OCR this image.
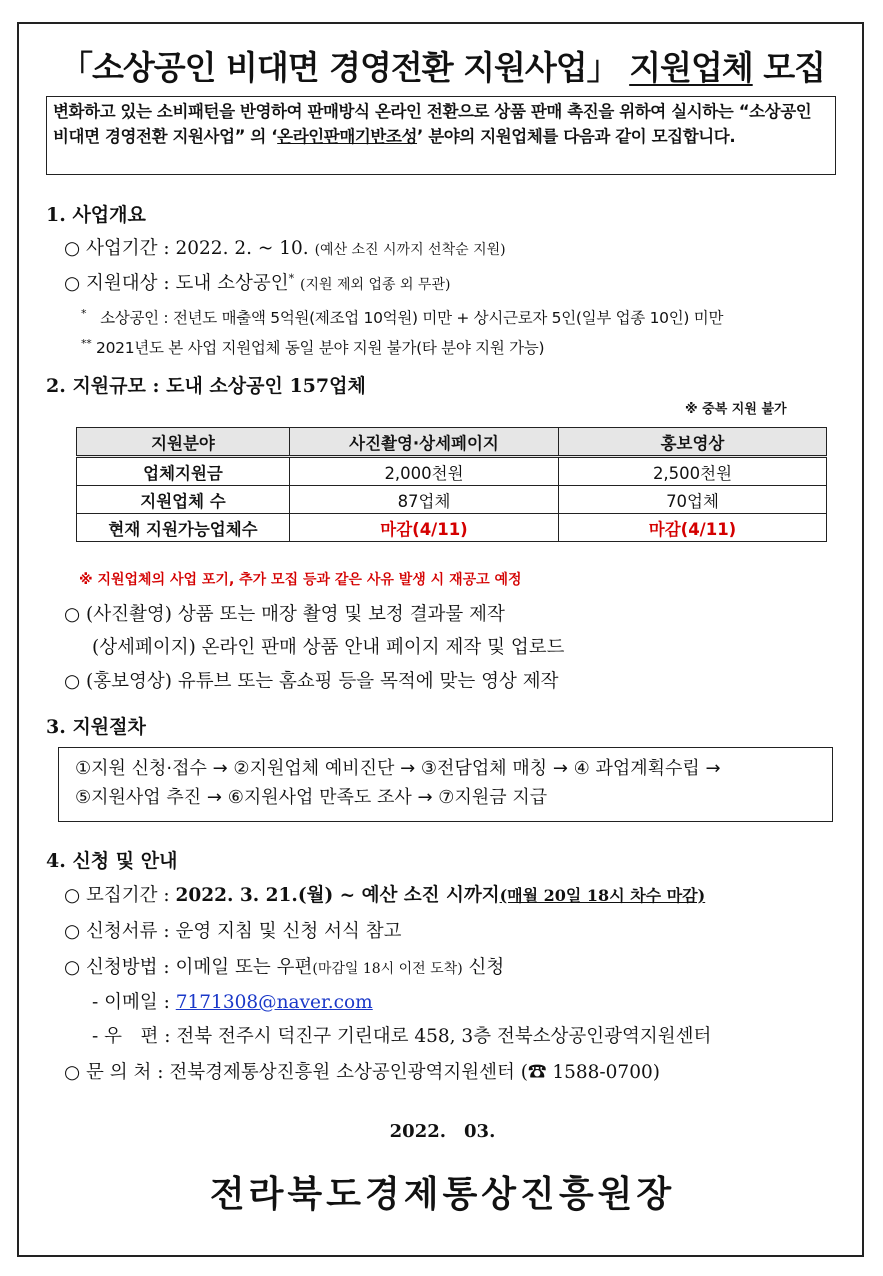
「소상공인 비대면 경영전환 지원사업」 지원업체 모집
변화하고 있는 소비패턴을 반영하여 판매방식 온라인 전환으로 상품 판매 촉진을 위하여 실시하는 “소상공인 비대면 경영전환 지원사업” 의 ‘온라인판매기반조성’ 분야의 지원업체를 다음과 같이 모집합니다.
1. 사업개요
○ 사업기간 : 2022. 2. ~ 10. (예산 소진 시까지 선착순 지원)
○ 지원대상 : 도내 소상공인* (지원 제외 업종 외 무관)
* 소상공인 : 전년도 매출액 5억원(제조업 10억원) 미만 + 상시근로자 5인(일부 업종 10인) 미만
** 2021년도 본 사업 지원업체 동일 분야 지원 불가(타 분야 지원 가능)
2. 지원규모 : 도내 소상공인 157업체
※ 중복 지원 불가
지원분야	사진촬영·상세페이지	홍보영상
업체지원금	2,000천원	2,500천원
지원업체 수	87업체	70업체
현재 지원가능업체수	마감(4/11)	마감(4/11)
※ 지원업체의 사업 포기, 추가 모집 등과 같은 사유 발생 시 재공고 예정
○ (사진촬영) 상품 또는 매장 촬영 및 보정 결과물 제작
(상세페이지) 온라인 판매 상품 안내 페이지 제작 및 업로드
○ (홍보영상) 유튜브 또는 홈쇼핑 등을 목적에 맞는 영상 제작
3. 지원절차
①지원 신청·접수 → ②지원업체 예비진단 → ③전담업체 매칭 → ④ 과업계획수립 →
⑤지원사업 추진 → ⑥지원사업 만족도 조사 → ⑦지원금 지급
4. 신청 및 안내
○ 모집기간 : 2022. 3. 21.(월) ~ 예산 소진 시까지(매월 20일 18시 차수 마감)
○ 신청서류 : 운영 지침 및 신청 서식 참고
○ 신청방법 : 이메일 또는 우편(마감일 18시 이전 도착) 신청
- 이메일 : 7171308@naver.com
- 우　편 : 전북 전주시 덕진구 기린대로 458, 3층 전북소상공인광역지원센터
○ 문 의 처 : 전북경제통상진흥원 소상공인광역지원센터 (☎ 1588-0700)
2022.　03.
전라북도경제통상진흥원장
